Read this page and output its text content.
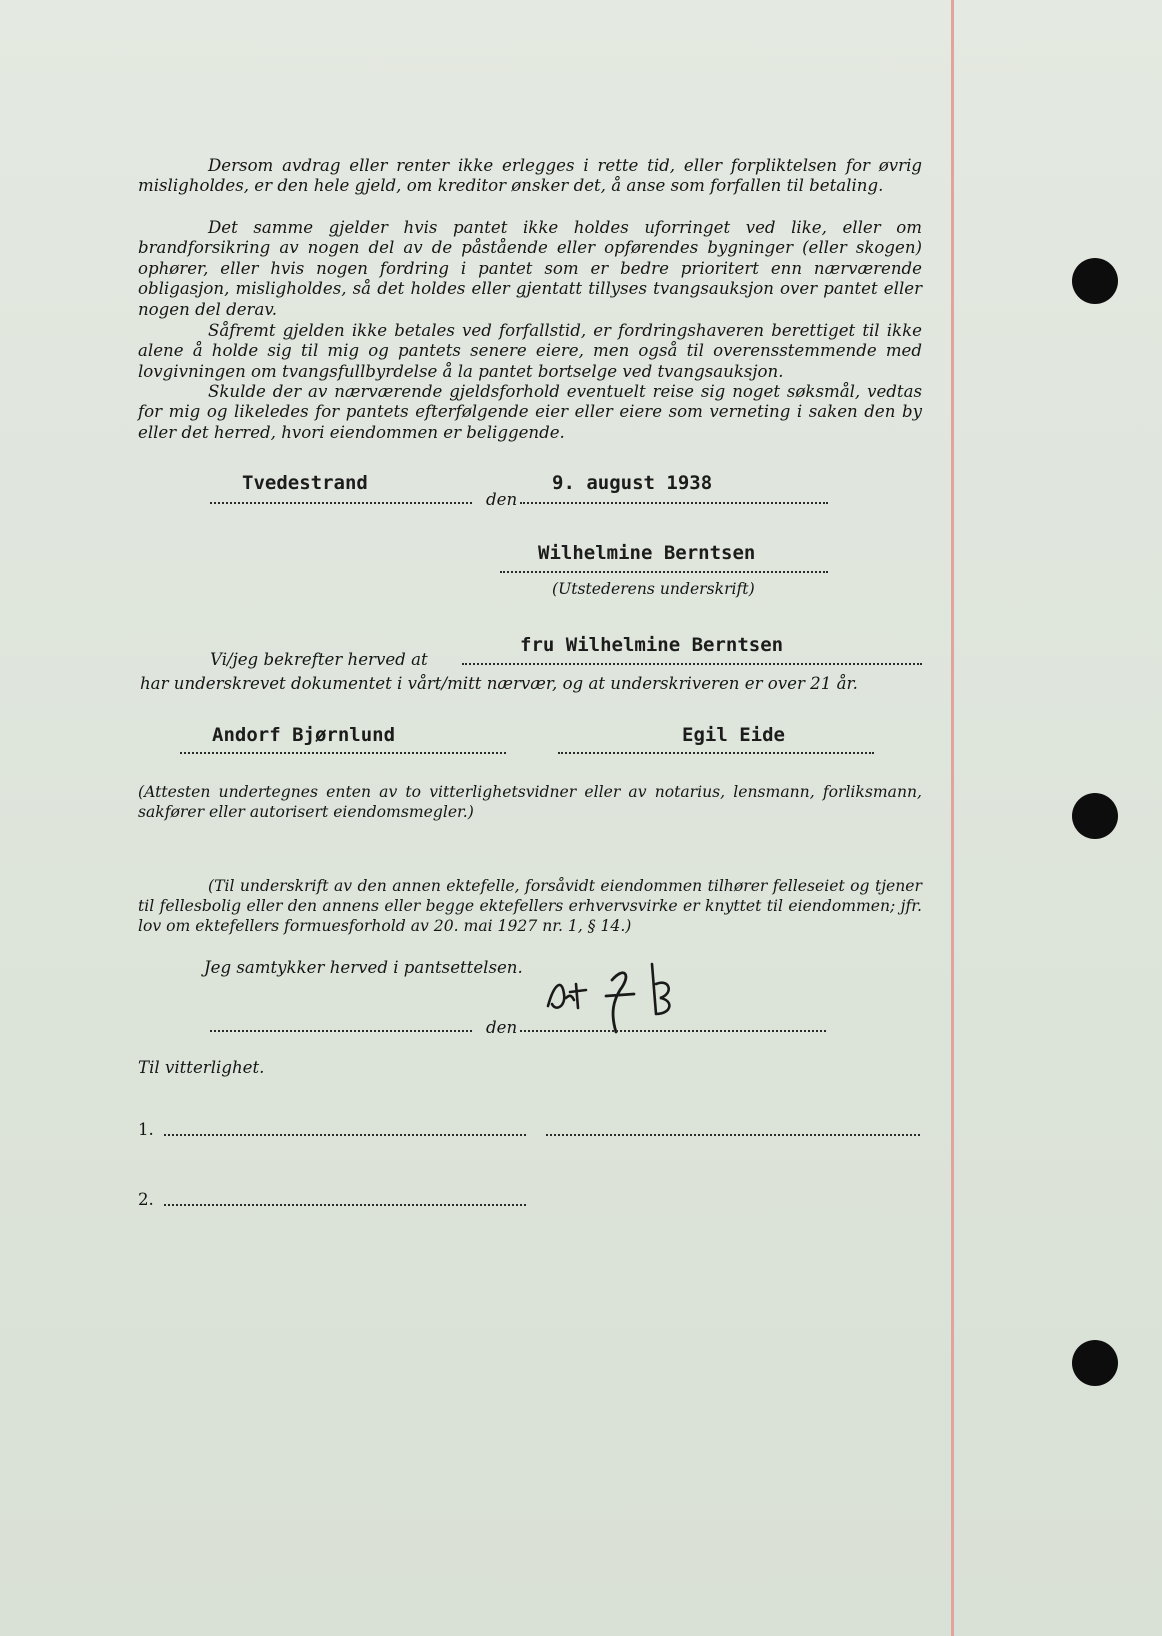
Dersom avdrag eller renter ikke erlegges i rette tid, eller forpliktelsen for øvrig misligholdes, er den hele gjeld, om kreditor ønsker det, å anse som forfallen til betaling.

Det samme gjelder hvis pantet ikke holdes uforringet ved like, eller om brandforsikring av nogen del av de påstående eller opførendes bygninger (eller skogen) ophører, eller hvis nogen fordring i pantet som er bedre prioritert enn nærværende obligasjon, misligholdes, så det holdes eller gjentatt tillyses tvangsauksjon over pantet eller nogen del derav.

Såfremt gjelden ikke betales ved forfallstid, er fordringshaveren berettiget til ikke alene å holde sig til mig og pantets senere eiere, men også til overensstemmende med lovgivningen om tvangsfullbyrdelse å la pantet bortselge ved tvangsauksjon.

Skulde der av nærværende gjeldsforhold eventuelt reise sig noget søksmål, vedtas for mig og likeledes for pantets efterfølgende eier eller eiere som verneting i saken den by eller det herred, hvori eiendommen er beliggende.

Tvedestrand
den
9. august 1938
Wilhelmine Berntsen
(Utstederens underskrift)
fru Wilhelmine Berntsen
Vi/jeg bekrefter herved at
har underskrevet dokumentet i vårt/mitt nærvær, og at underskriveren er over 21 år.
Andorf Bjørnlund	Egil Eide

(Attesten undertegnes enten av to vitterlighetsvidner eller av notarius, lensmann, forliksmann, sakfører eller autorisert eiendomsmegler.)

(Til underskrift av den annen ektefelle, forsåvidt eiendommen tilhører felleseiet og tjener til fellesbolig eller den annens eller begge ektefellers erhvervsvirke er knyttet til eiendommen; jfr. lov om ektefellers formuesforhold av 20. mai 1927 nr. 1, § 14.)

Jeg samtykker herved i pantsettelsen.
den
Til vitterlighet.
1.
2.
